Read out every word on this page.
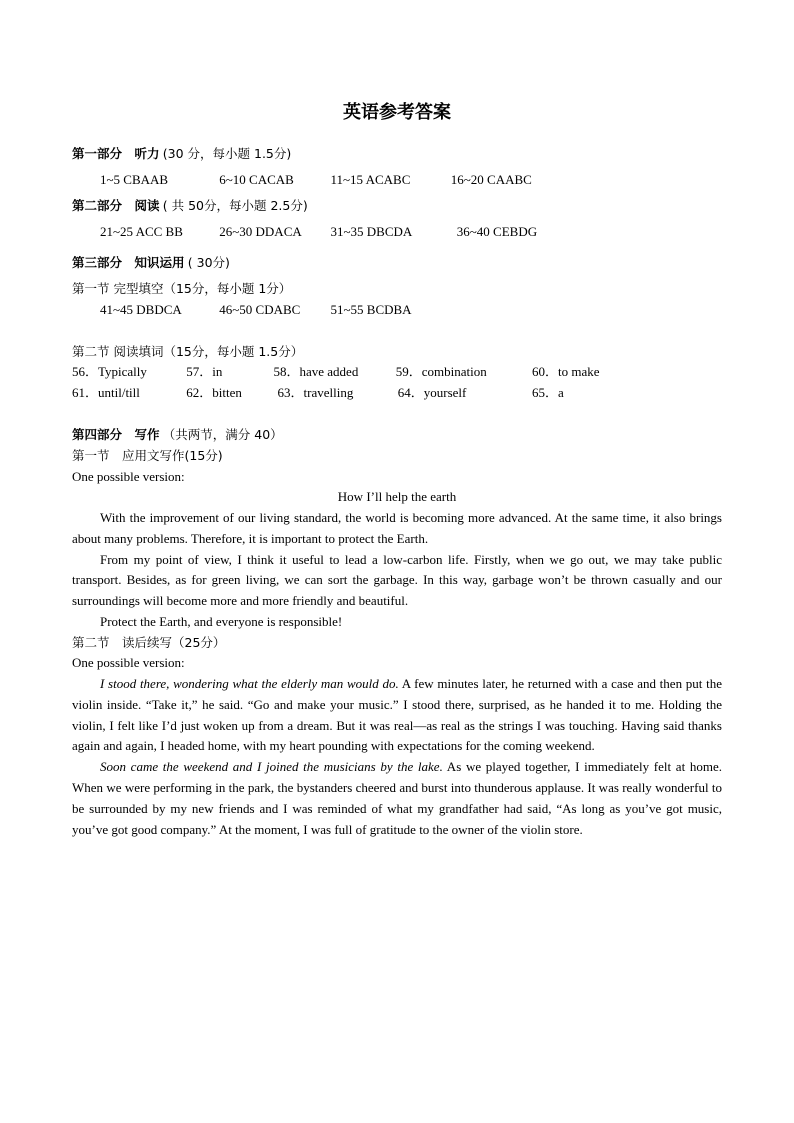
英语参考答案
第一部分　听力 (30 分，每小题 1.5分)
1~5 CBAAB	6~10 CACAB	11~15 ACABC	16~20 CAABC
第二部分　阅读 ( 共 50分，每小题 2.5分)
21~25 ACC BB	26~30 DDACA 31~35 DBCDA	36~40 CEBDG
第三部分　知识运用 ( 30分)
第一节 完型填空（15分，每小题 1分）
41~45 DBDCA	46~50 CDABC 51~55 BCDBA
第二节 阅读填词（15分，每小题 1.5分）
56．Typically	57．in	58．have added	59．combination	60．to make
61．until/till	62．bitten	63．travelling	64．yourself	65．a
第四部分　写作 （共两节，满分 40）
第一节　应用文写作(15分)
One possible version:
How I’ll help the earth

With the improvement of our living standard, the world is becoming more advanced. At the same time, it also brings about many problems. Therefore, it is important to protect the Earth.

From my point of view, I think it useful to lead a low-carbon life. Firstly, when we go out, we may take public transport. Besides, as for green living, we can sort the garbage. In this way, garbage won’t be thrown casually and our surroundings will become more and more friendly and beautiful.

Protect the Earth, and everyone is responsible!

第二节　读后续写（25分）
One possible version:

I stood there, wondering what the elderly man would do. A few minutes later, he returned with a case and then put the violin inside. “Take it,” he said. “Go and make your music.” I stood there, surprised, as he handed it to me. Holding the violin, I felt like I’d just woken up from a dream. But it was real—as real as the strings I was touching. Having said thanks again and again, I headed home, with my heart pounding with expectations for the coming weekend.

Soon came the weekend and I joined the musicians by the lake. As we played together, I immediately felt at home. When we were performing in the park, the bystanders cheered and burst into thunderous applause. It was really wonderful to be surrounded by my new friends and I was reminded of what my grandfather had said, “As long as you’ve got music, you’ve got good company.” At the moment, I was full of gratitude to the owner of the violin store.
